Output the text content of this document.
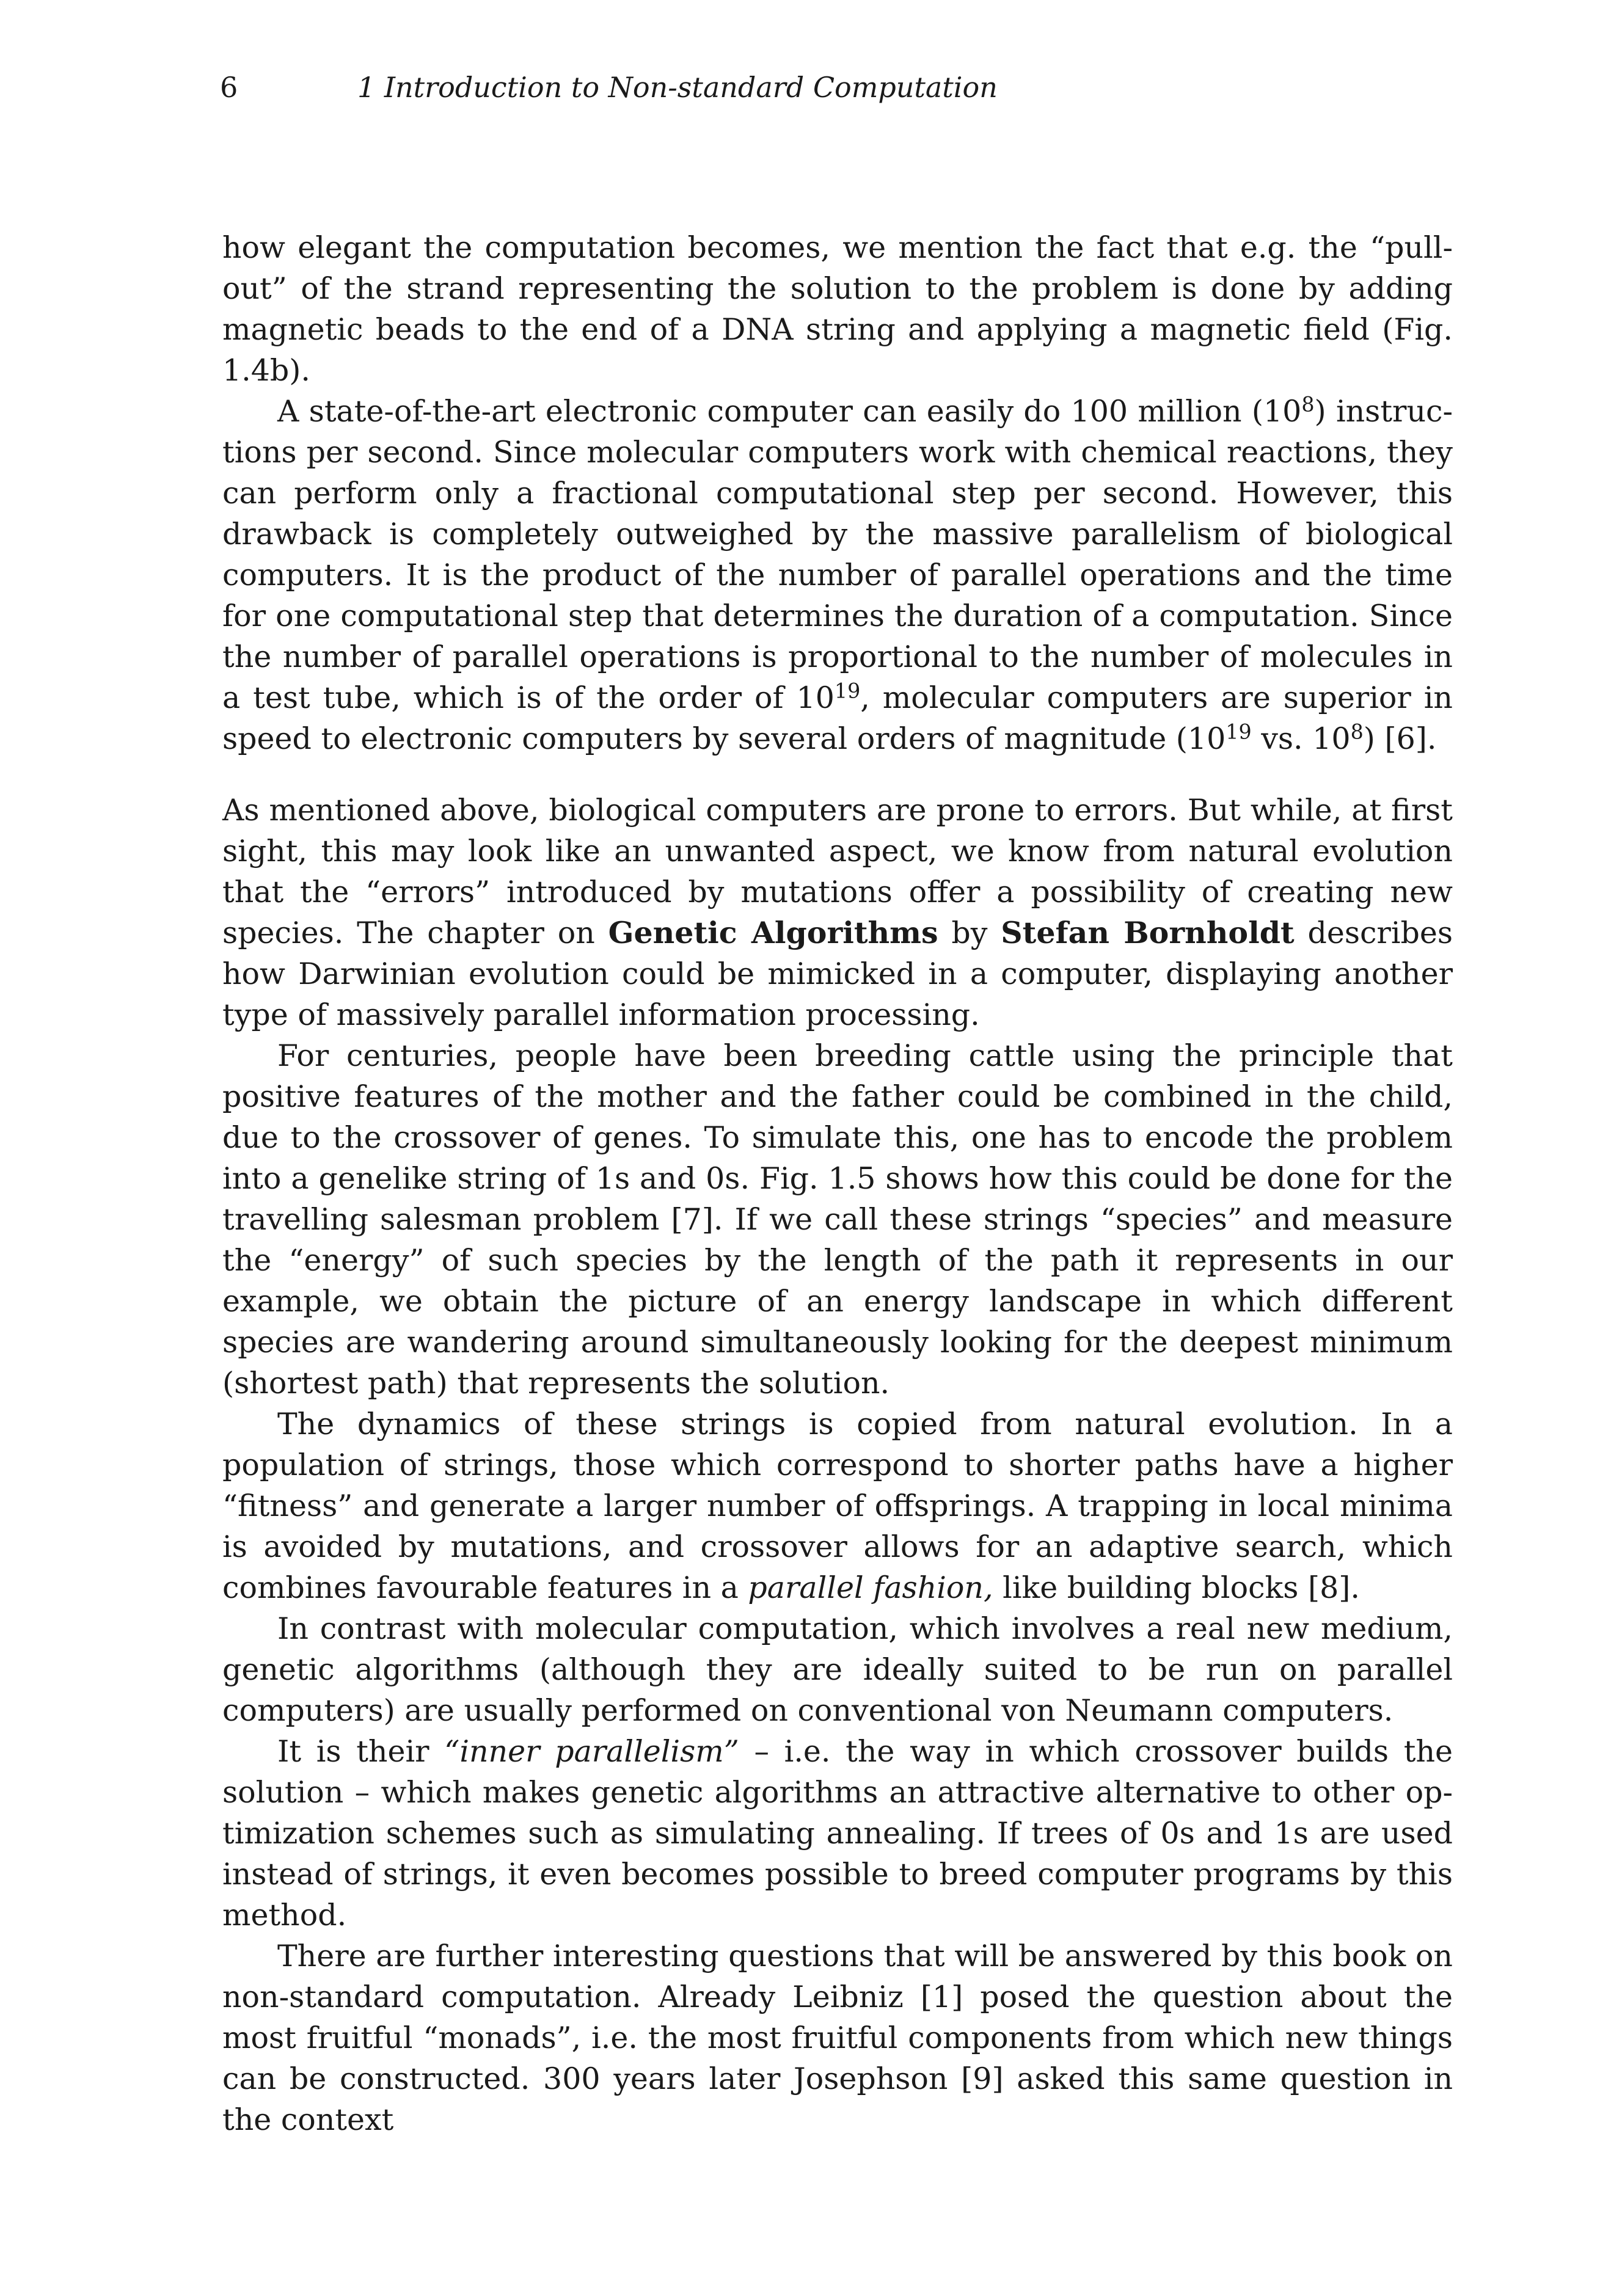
6	1 Introduction to Non-standard Computation

how elegant the computation becomes, we mention the fact that e.g. the “pull-out” of the strand representing the solution to the problem is done by adding magnetic beads to the end of a DNA string and applying a magnetic field (Fig. 1.4b).

A state-of-the-art electronic computer can easily do 100 million $(10^8)$ instructions per second. Since molecular computers work with chemical reactions, they can perform only a fractional computational step per second. However, this drawback is completely outweighed by the massive parallelism of biological computers. It is the product of the number of parallel operations and the time for one computational step that determines the duration of a computation. Since the number of parallel operations is proportional to the number of molecules in a test tube, which is of the order of $10^{19}$, molecular computers are superior in speed to electronic computers by several orders of magnitude ($10^{19}$ vs. $10^8$) [6].

As mentioned above, biological computers are prone to errors. But while, at first sight, this may look like an unwanted aspect, we know from natural evolution that the “errors” introduced by mutations offer a possibility of creating new species. The chapter on Genetic Algorithms by Stefan Bornholdt describes how Darwinian evolution could be mimicked in a computer, displaying another type of massively parallel information processing.

For centuries, people have been breeding cattle using the principle that positive features of the mother and the father could be combined in the child, due to the crossover of genes. To simulate this, one has to encode the problem into a genelike string of 1s and 0s. Fig. 1.5 shows how this could be done for the travelling salesman problem [7]. If we call these strings “species” and measure the “energy” of such species by the length of the path it represents in our example, we obtain the picture of an energy landscape in which different species are wandering around simultaneously looking for the deepest minimum (shortest path) that represents the solution.

The dynamics of these strings is copied from natural evolution. In a population of strings, those which correspond to shorter paths have a higher “fitness” and generate a larger number of offsprings. A trapping in local minima is avoided by mutations, and crossover allows for an adaptive search, which combines favourable features in a parallel fashion, like building blocks [8].

In contrast with molecular computation, which involves a real new medium, genetic algorithms (although they are ideally suited to be run on parallel computers) are usually performed on conventional von Neumann computers.

It is their “inner parallelism” – i.e. the way in which crossover builds the solution – which makes genetic algorithms an attractive alternative to other optimization schemes such as simulating annealing. If trees of 0s and 1s are used instead of strings, it even becomes possible to breed computer programs by this method.

There are further interesting questions that will be answered by this book on non-standard computation. Already Leibniz [1] posed the question about the most fruitful “monads”, i.e. the most fruitful components from which new things can be constructed. 300 years later Josephson [9] asked this same question in the context
